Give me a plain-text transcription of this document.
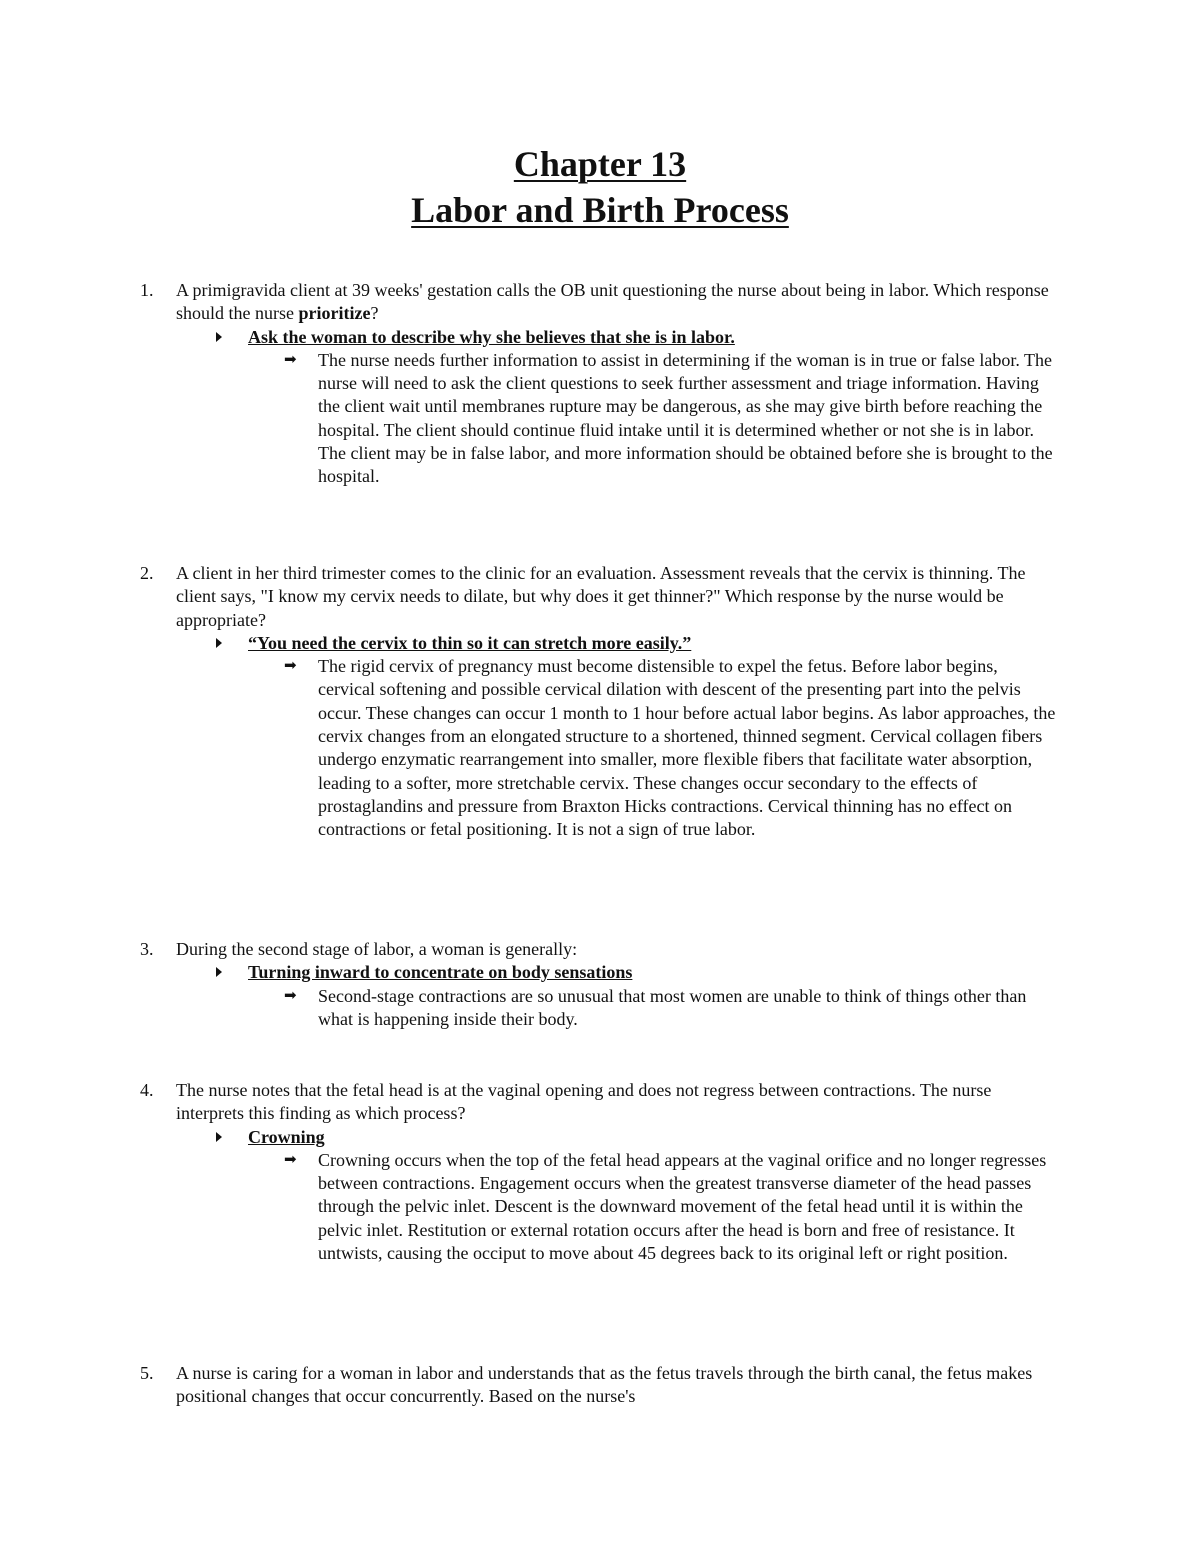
Chapter 13
Labor and Birth Process
1.	A primigravida client at 39 weeks' gestation calls the OB unit questioning the nurse about being in labor. Which response should the nurse prioritize?
Ask the woman to describe why she believes that she is in labor.
➡ The nurse needs further information to assist in determining if the woman is in true or false labor. The nurse will need to ask the client questions to seek further assessment and triage information. Having the client wait until membranes rupture may be dangerous, as she may give birth before reaching the hospital. The client should continue fluid intake until it is determined whether or not she is in labor. The client may be in false labor, and more information should be obtained before she is brought to the hospital.
2.	A client in her third trimester comes to the clinic for an evaluation. Assessment reveals that the cervix is thinning. The client says, "I know my cervix needs to dilate, but why does it get thinner?" Which response by the nurse would be appropriate?
“You need the cervix to thin so it can stretch more easily.”
➡ The rigid cervix of pregnancy must become distensible to expel the fetus. Before labor begins, cervical softening and possible cervical dilation with descent of the presenting part into the pelvis occur. These changes can occur 1 month to 1 hour before actual labor begins. As labor approaches, the cervix changes from an elongated structure to a shortened, thinned segment. Cervical collagen fibers undergo enzymatic rearrangement into smaller, more flexible fibers that facilitate water absorption, leading to a softer, more stretchable cervix. These changes occur secondary to the effects of prostaglandins and pressure from Braxton Hicks contractions. Cervical thinning has no effect on contractions or fetal positioning. It is not a sign of true labor.
3.	During the second stage of labor, a woman is generally:
Turning inward to concentrate on body sensations
➡ Second-stage contractions are so unusual that most women are unable to think of things other than what is happening inside their body.
4.	The nurse notes that the fetal head is at the vaginal opening and does not regress between contractions. The nurse interprets this finding as which process?
Crowning
➡ Crowning occurs when the top of the fetal head appears at the vaginal orifice and no longer regresses between contractions. Engagement occurs when the greatest transverse diameter of the head passes through the pelvic inlet. Descent is the downward movement of the fetal head until it is within the pelvic inlet. Restitution or external rotation occurs after the head is born and free of resistance. It untwists, causing the occiput to move about 45 degrees back to its original left or right position.
5.	A nurse is caring for a woman in labor and understands that as the fetus travels through the birth canal, the fetus makes positional changes that occur concurrently. Based on the nurse's
